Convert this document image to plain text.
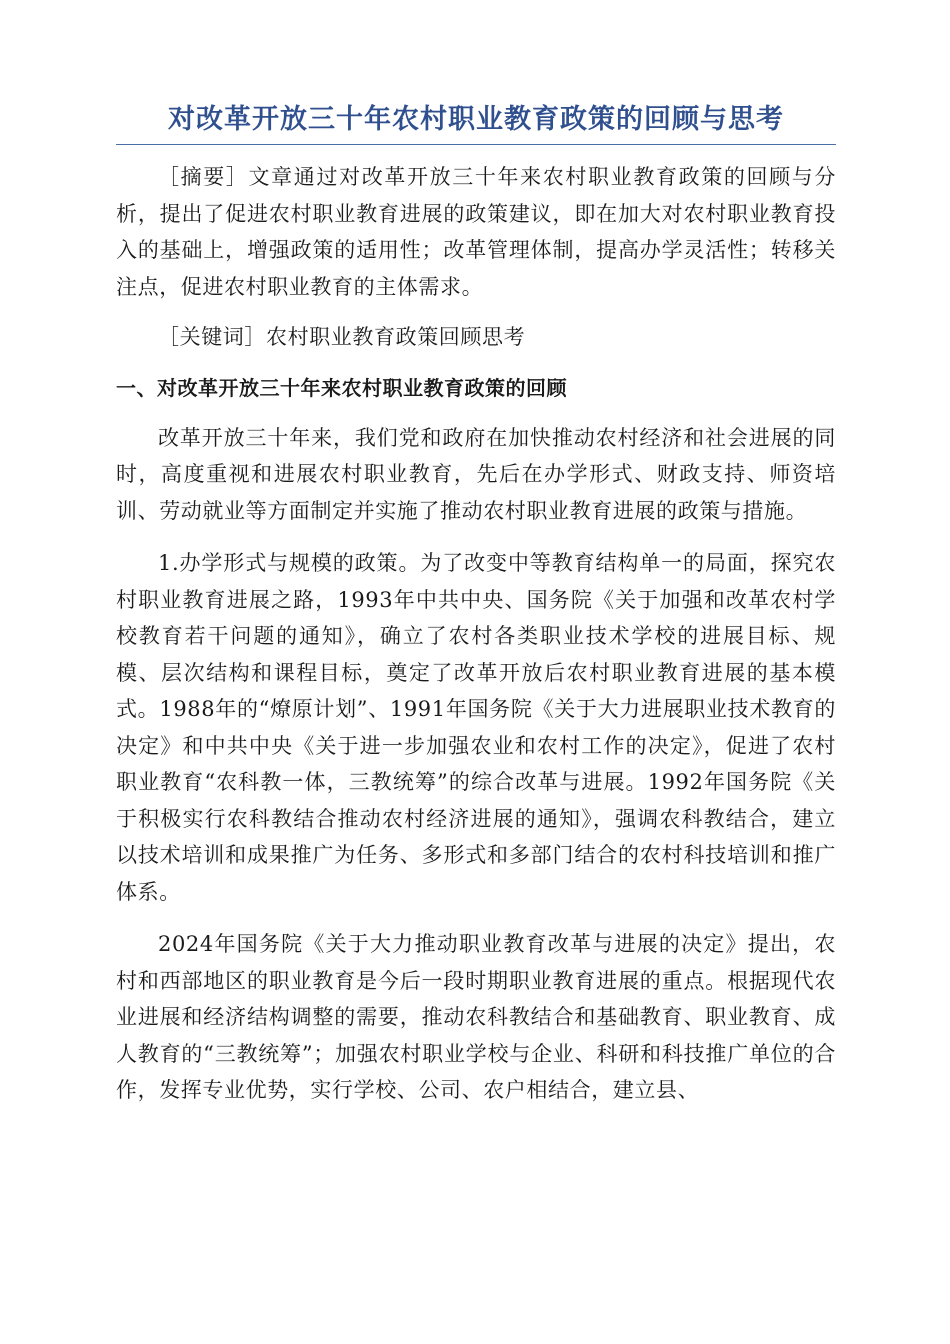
对改革开放三十年农村职业教育政策的回顾与思考

［摘要］文章通过对改革开放三十年来农村职业教育政策的回顾与分析，提出了促进农村职业教育进展的政策建议，即在加大对农村职业教育投入的基础上，增强政策的适用性；改革管理体制，提高办学灵活性；转移关注点，促进农村职业教育的主体需求。

［关键词］农村职业教育政策回顾思考

一、对改革开放三十年来农村职业教育政策的回顾

改革开放三十年来，我们党和政府在加快推动农村经济和社会进展的同时，高度重视和进展农村职业教育，先后在办学形式、财政支持、师资培训、劳动就业等方面制定并实施了推动农村职业教育进展的政策与措施。

1.办学形式与规模的政策。为了改变中等教育结构单一的局面，探究农村职业教育进展之路，1993年中共中央、国务院《关于加强和改革农村学校教育若干问题的通知》，确立了农村各类职业技术学校的进展目标、规模、层次结构和课程目标，奠定了改革开放后农村职业教育进展的基本模式。1988年的“燎原计划”、1991年国务院《关于大力进展职业技术教育的决定》和中共中央《关于进一步加强农业和农村工作的决定》，促进了农村职业教育“农科教一体，三教统筹”的综合改革与进展。1992年国务院《关于积极实行农科教结合推动农村经济进展的通知》，强调农科教结合，建立以技术培训和成果推广为任务、多形式和多部门结合的农村科技培训和推广体系。

2024年国务院《关于大力推动职业教育改革与进展的决定》提出，农村和西部地区的职业教育是今后一段时期职业教育进展的重点。根据现代农业进展和经济结构调整的需要，推动农科教结合和基础教育、职业教育、成人教育的“三教统筹”；加强农村职业学校与企业、科研和科技推广单位的合作，发挥专业优势，实行学校、公司、农户相结合，建立县、
